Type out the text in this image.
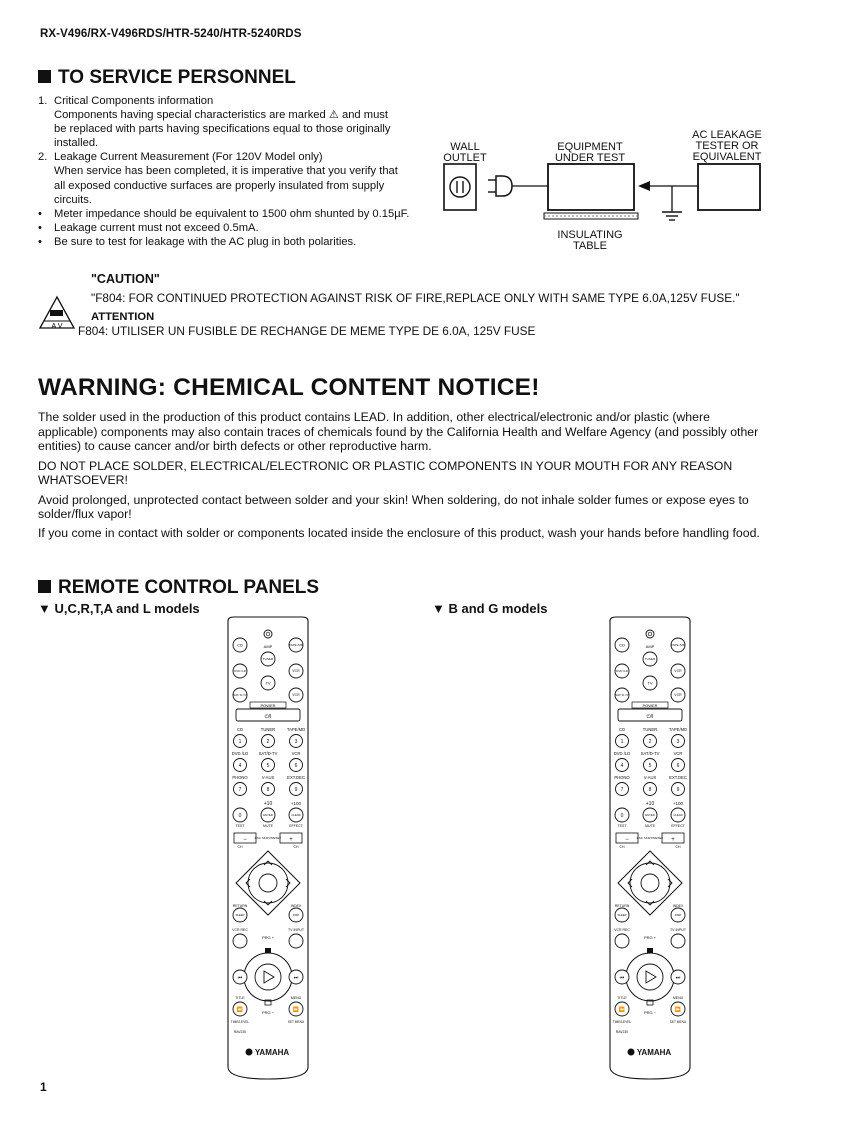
RX-V496/RX-V496RDS/HTR-5240/HTR-5240RDS
TO SERVICE PERSONNEL
1. Critical Components information
Components having special characteristics are marked ⚠ and must
be replaced with parts having specifications equal to those originally
installed.
2. Leakage Current Measurement (For 120V Model only)
When service has been completed, it is imperative that you verify that
all exposed conductive surfaces are properly insulated from supply
circuits.
• Meter impedance should be equivalent to 1500 ohm shunted by 0.15µF.
• Leakage current must not exceed 0.5mA.
• Be sure to test for leakage with the AC plug in both polarities.
WALL
OUTLET
EQUIPMENT
UNDER TEST
AC LEAKAGE
TESTER OR
EQUIVALENT
INSULATING
TABLE
A V
"CAUTION"
"F804: FOR CONTINUED PROTECTION AGAINST RISK OF FIRE,REPLACE ONLY WITH SAME TYPE 6.0A,125V FUSE."
ATTENTION
F804: UTILISER UN FUSIBLE DE RECHANGE DE MEME TYPE DE 6.0A, 125V FUSE
WARNING: CHEMICAL CONTENT NOTICE!

The solder used in the production of this product contains LEAD. In addition, other electrical/electronic and/or plastic (where applicable) components may also contain traces of chemicals found by the California Health and Welfare Agency (and possibly other entities) to cause cancer and/or birth defects or other reproductive harm.

DO NOT PLACE SOLDER, ELECTRICAL/ELECTRONIC OR PLASTIC COMPONENTS IN YOUR MOUTH FOR ANY REASON WHATSOEVER!

Avoid prolonged, unprotected contact between solder and your skin! When soldering, do not inhale solder fumes or expose eyes to solder/flux vapor!

If you come in contact with solder or components located inside the enclosure of this product, wash your hands before handling food.

REMOTE CONTROL PANELS
▼ U,C,R,T,A and L models	▼ B and G models
CD	AMP	TAPE /MD
TUNER
DVD /LD	VCR
TV
SAT/ D-TV	VCR
POWER
⏻/I
CD	TUNER	TAPE/MD
1	2	3
DVD /LD SAT/D-TV	VCR
4	5	6
PHONO	V-AUX	EXT.DEC
7	8	9
+10	+100
0	ENTER	CLEAR
TEST	MUTE	EFFECT
−	+
DSC SKIP PRESET
CH	CH
RETURN	INDEX
SLEEP	DISP
VCR REC	TV INPUT
PRG +
⏮	⏭
PRG −
TITLE	MENU
⏪	⏩
TIME/LEVEL	SET MENU
RAV230
YAMAHA
CD	AMP	TAPE /MD
TUNER
DVD /LD	VCR
TV
SAT/ D-TV	VCR
POWER
⏻/I
CD	TUNER	TAPE/MD
1	2	3
DVD /LD SAT/D-TV	VCR
4	5	6
PHONO	V-AUX	EXT.DEC
7	8	9
+10	+100
0	ENTER	CLEAR
TEST	MUTE	EFFECT
−	+
DSC SKIP PRESET
CH	CH
RETURN	INDEX
SLEEP	DISP
VCR REC	TV INPUT
PRG +
⏮	⏭
PRG −
TITLE	MENU
⏪	⏩
TIME/LEVEL	SET MENU
RAV230
YAMAHA
1
